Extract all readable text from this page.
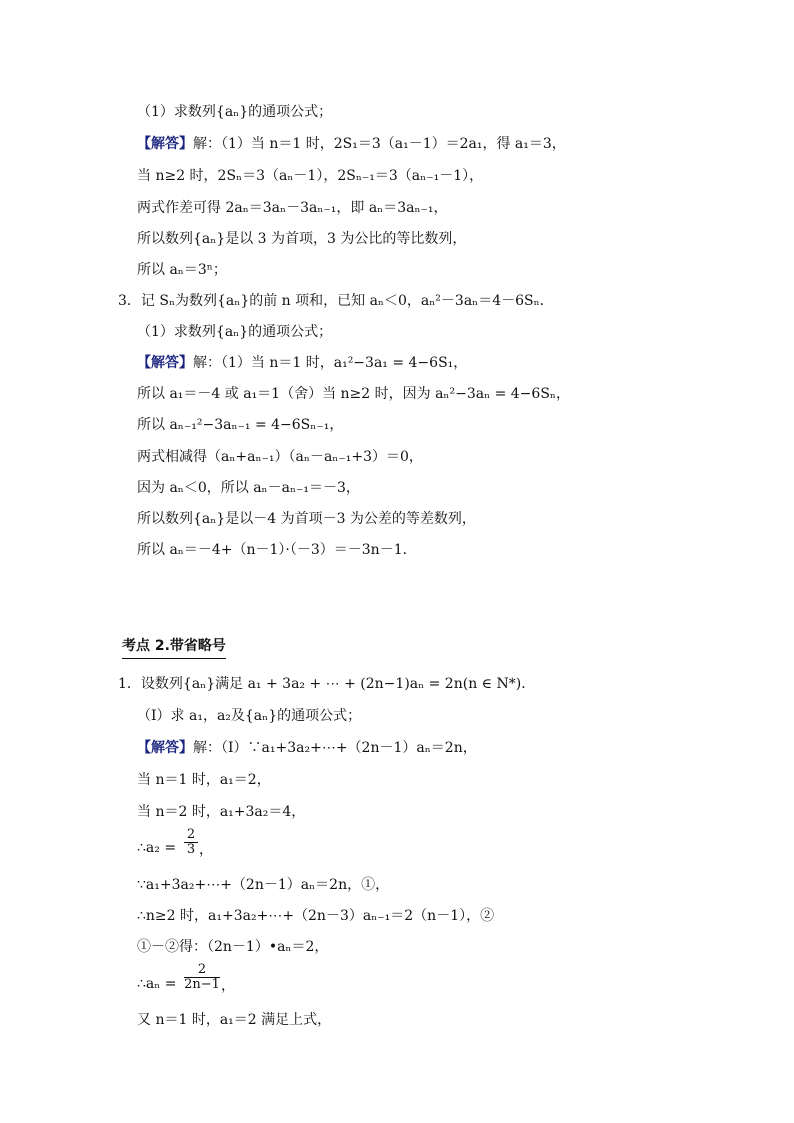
（1）求数列{aₙ}的通项公式；
【解答】解：（1）当 n＝1 时，2S₁＝3（a₁－1）＝2a₁，得 a₁＝3，
当 n≥2 时，2Sₙ＝3（aₙ－1），2Sₙ₋₁＝3（aₙ₋₁－1），
两式作差可得 2aₙ＝3aₙ－3aₙ₋₁，即 aₙ＝3aₙ₋₁，
所以数列{aₙ}是以 3 为首项，3 为公比的等比数列，
所以 aₙ＝3ⁿ；
3．记 Sₙ为数列{aₙ}的前 n 项和，已知 aₙ＜0，aₙ²－3aₙ＝4－6Sₙ．
（1）求数列{aₙ}的通项公式；
【解答】解：（1）当 n＝1 时，a₁²−3a₁ = 4−6S₁，
所以 a₁＝－4 或 a₁＝1（舍）当 n≥2 时，因为 aₙ²−3aₙ = 4−6Sₙ，
所以 aₙ₋₁²−3aₙ₋₁ = 4−6Sₙ₋₁，
两式相减得（aₙ+aₙ₋₁）（aₙ－aₙ₋₁+3）＝0，
因为 aₙ＜0，所以 aₙ－aₙ₋₁＝－3，
所以数列{aₙ}是以－4 为首项－3 为公差的等差数列，
所以 aₙ＝－4+（n－1）·（－3）＝－3n－1．
考点 2.带省略号
1．设数列{aₙ}满足 a₁ + 3a₂ + ⋯ + (2n−1)aₙ = 2n(n ∈ N*)．
（Ⅰ）求 a₁，a₂及{aₙ}的通项公式；
【解答】解：（Ⅰ）∵a₁+3a₂+⋯+（2n－1）aₙ＝2n，
当 n＝1 时，a₁＝2，
当 n＝2 时，a₁+3a₂＝4，
∴a₂ = $\frac{2}{3}$ ，
∵a₁+3a₂+⋯+（2n－1）aₙ＝2n，①，
∴n≥2 时，a₁+3a₂+⋯+（2n－3）aₙ₋₁＝2（n－1），②
①－②得：（2n－1）•aₙ＝2，
∴aₙ = $\frac{2}{2n-1}$ ，
又 n＝1 时，a₁＝2 满足上式，
